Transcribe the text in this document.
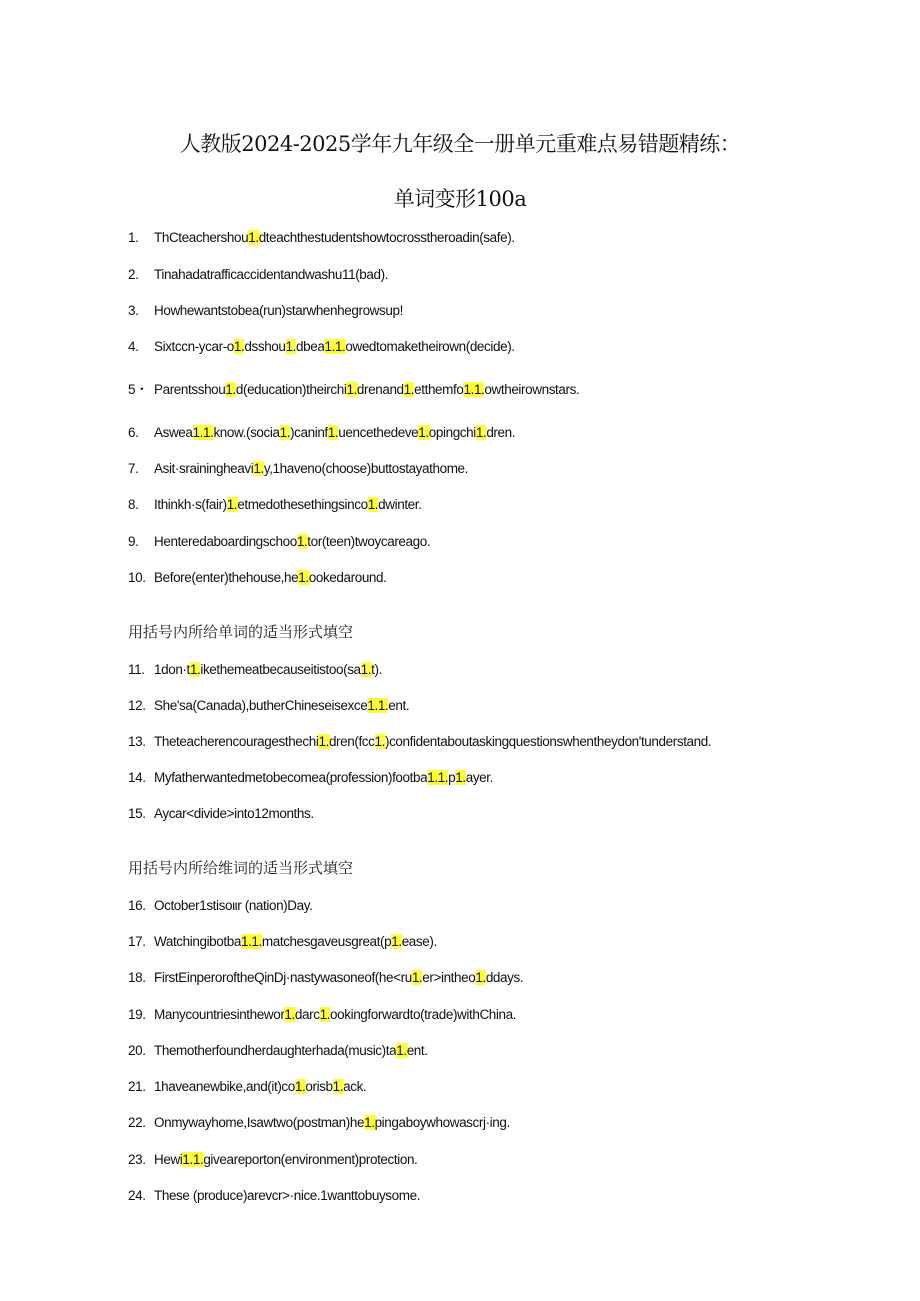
人教版2024-2025学年九年级全一册单元重难点易错题精练：
单词变形100a
用括号内所给单词的适当形式填空
用括号内所给维词的适当形式填空
1. ThCteachershou1.dteachthestudentshowtocrosstheroadin(safe).
2. Tinahadatrafficaccidentandwashu11(bad).
3. Howhewantstobea(run)starwhenhegrowsup!
4. Sixtccn-ycar-o1.dsshou1.dbea1.1.owedtomaketheirown(decide).
5・ Parentsshou1.d(education)theirchi1.drenand1.etthemfo1.1.owtheirownstars.
6. Aswea1.1.know.(socia1.)caninf1.uencethedeve1.opingchi1.dren.
7. Asit·srainingheavi1.y,1haveno(choose)buttostayathome.
8. Ithinkh·s(fair)1.etmedothesethingsinco1.dwinter.
9. Henteredaboardingschoo1.tor(teen)twoycareago.
10. Before(enter)thehouse,he1.ookedaround.
11. 1don·t1.ikethemeatbecauseitistoo(sa1.t).
12. She'sa(Canada),butherChineseisexce1.1.ent.
13. Theteacherencouragesthechi1.dren(fcc1.)confidentaboutaskingquestionswhentheydon'tunderstand.
14. Myfatherwantedmetobecomea(profession)footba1.1.p1.ayer.
15. Aycar<divide>into12months.
16. October1stisoιιr (nation)Day.
17. Watchingibotba1.1.matchesgaveusgreat(p1.ease).
18. FirstEinperoroftheQinDj·nastywasoneof(he<ru1.er>intheo1.ddays.
19. Manycountriesinthewor1.darc1.ookingforwardto(trade)withChina.
20. Themotherfoundherdaughterhada(music)ta1.ent.
21. 1haveanewbike,and(it)co1.orisb1.ack.
22. Onmywayhome,Isawtwo(postman)he1.pingaboywhowascrj·ing.
23. Hewi1.1.giveareporton(environment)protection.
24. These (produce)arevcr>·nice.1wanttobuysome.
